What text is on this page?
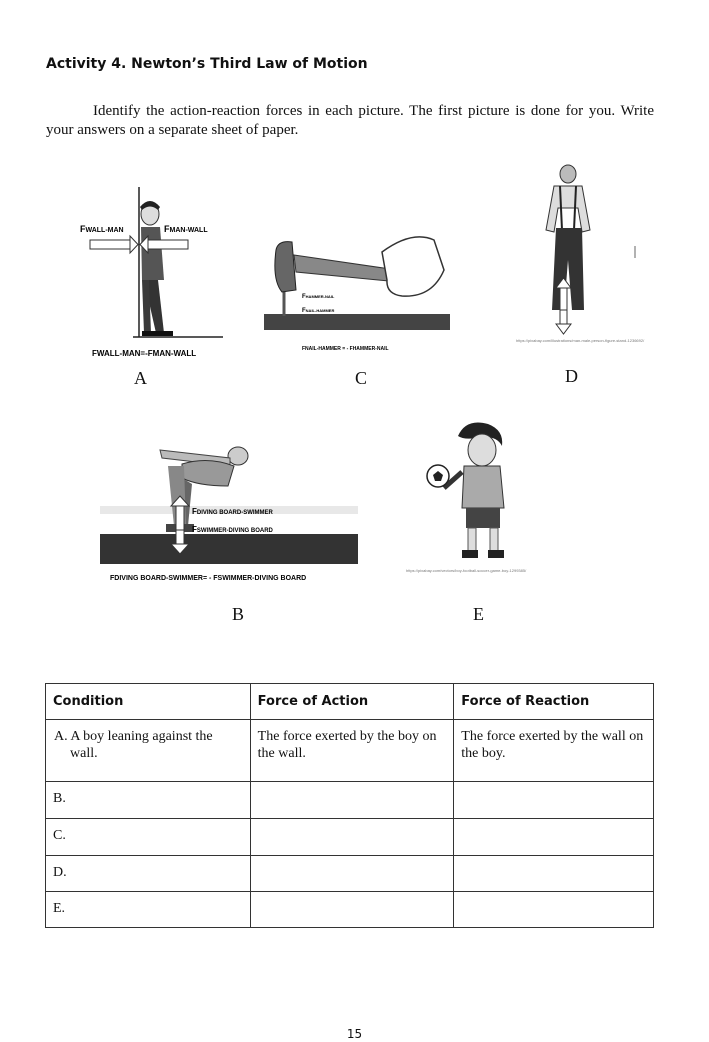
Activity 4. Newton’s Third Law of Motion
Identify the action-reaction forces in each picture. The first picture is done for you. Write your answers on a separate sheet of paper.
FWALL-MAN	FMAN-WALL
FWALL-MAN=-FMAN-WALL
A
FHAMMER-NAIL
FNAIL-HAMMER
FNAIL-HAMMER = - FHAMMER-NAIL
C
https://pixabay.com/illustrations/man-male-person-figure-stand-1236692/
D
FDIVING BOARD-SWIMMER
FSWIMMER-DIVING BOARD
FDIVING BOARD-SWIMMER= - FSWIMMER-DIVING BOARD
B
https://pixabay.com/vectors/boy-football-soccer-game-boy-1299385/
E
Condition	Force of Action	Force of Reaction
A. A boy leaning against the wall.	The force exerted by the boy on the wall.	The force exerted by the wall on the boy.
B.		
C.		
D.		
E.		
15
